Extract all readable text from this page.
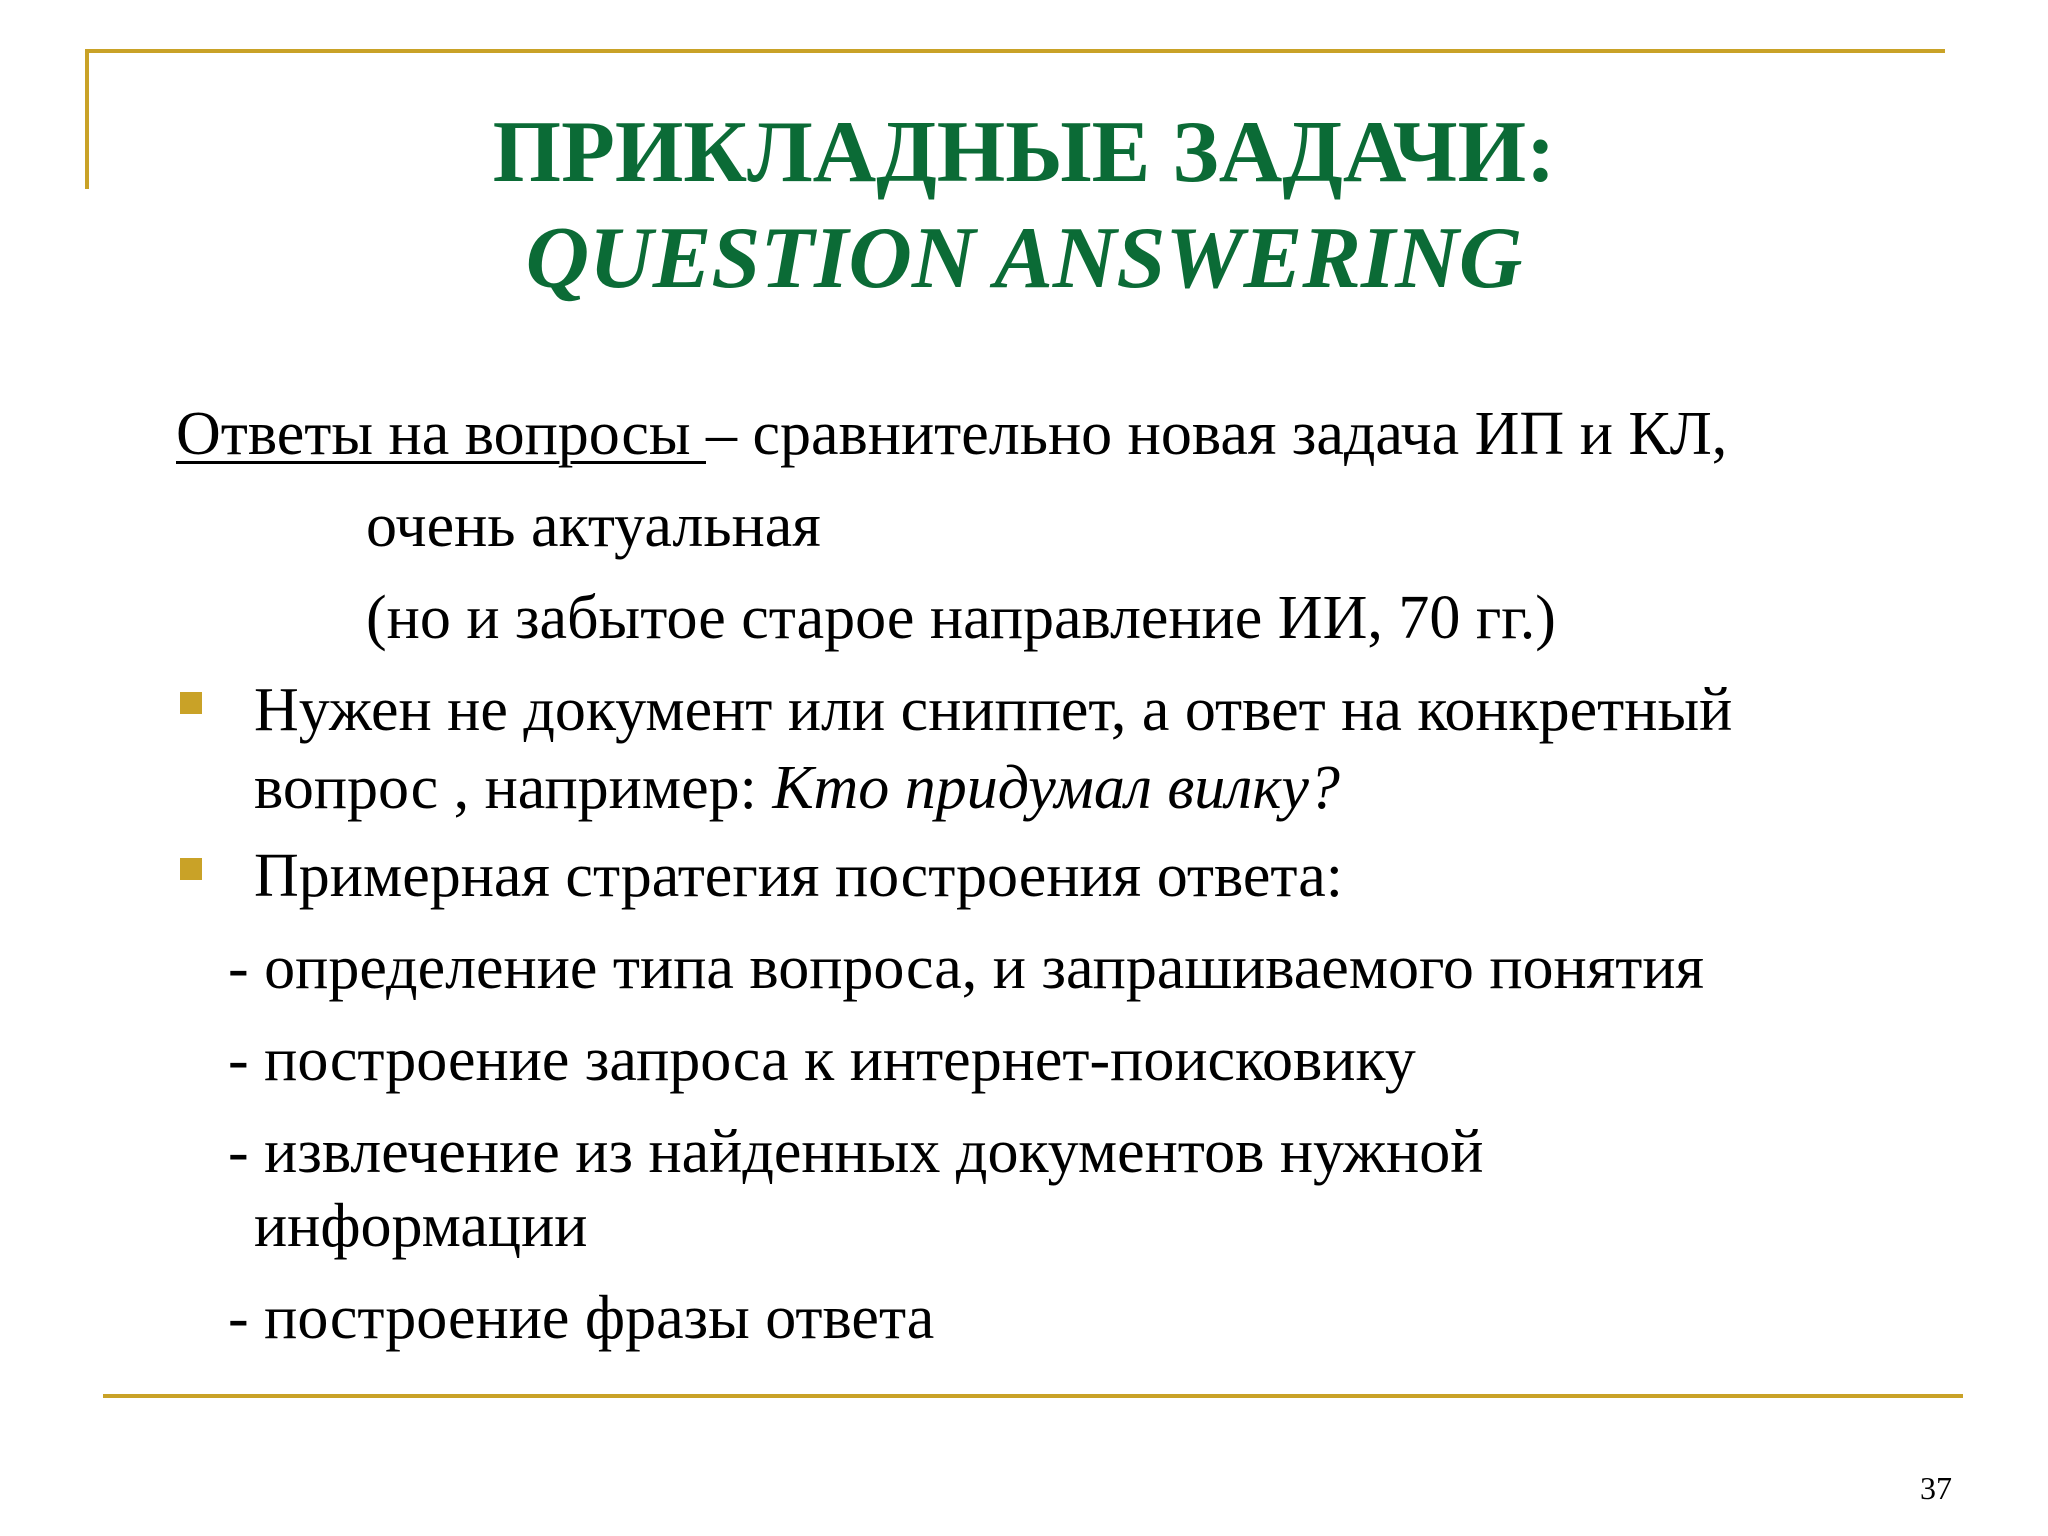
ПРИКЛАДНЫЕ ЗАДАЧИ:
QUESTION ANSWERING
Ответы на вопросы – сравнительно новая задача ИП и КЛ,
очень актуальная
(но и забытое старое направление ИИ, 70 гг.)
Нужен не документ или сниппет, а ответ на конкретный
вопрос , например: Кто придумал вилку?
Примерная стратегия построения ответа:
- определение типа вопроса, и запрашиваемого понятия
- построение запроса к интернет-поисковику
- извлечение из найденных документов нужной
информации
- построение фразы ответа
37
